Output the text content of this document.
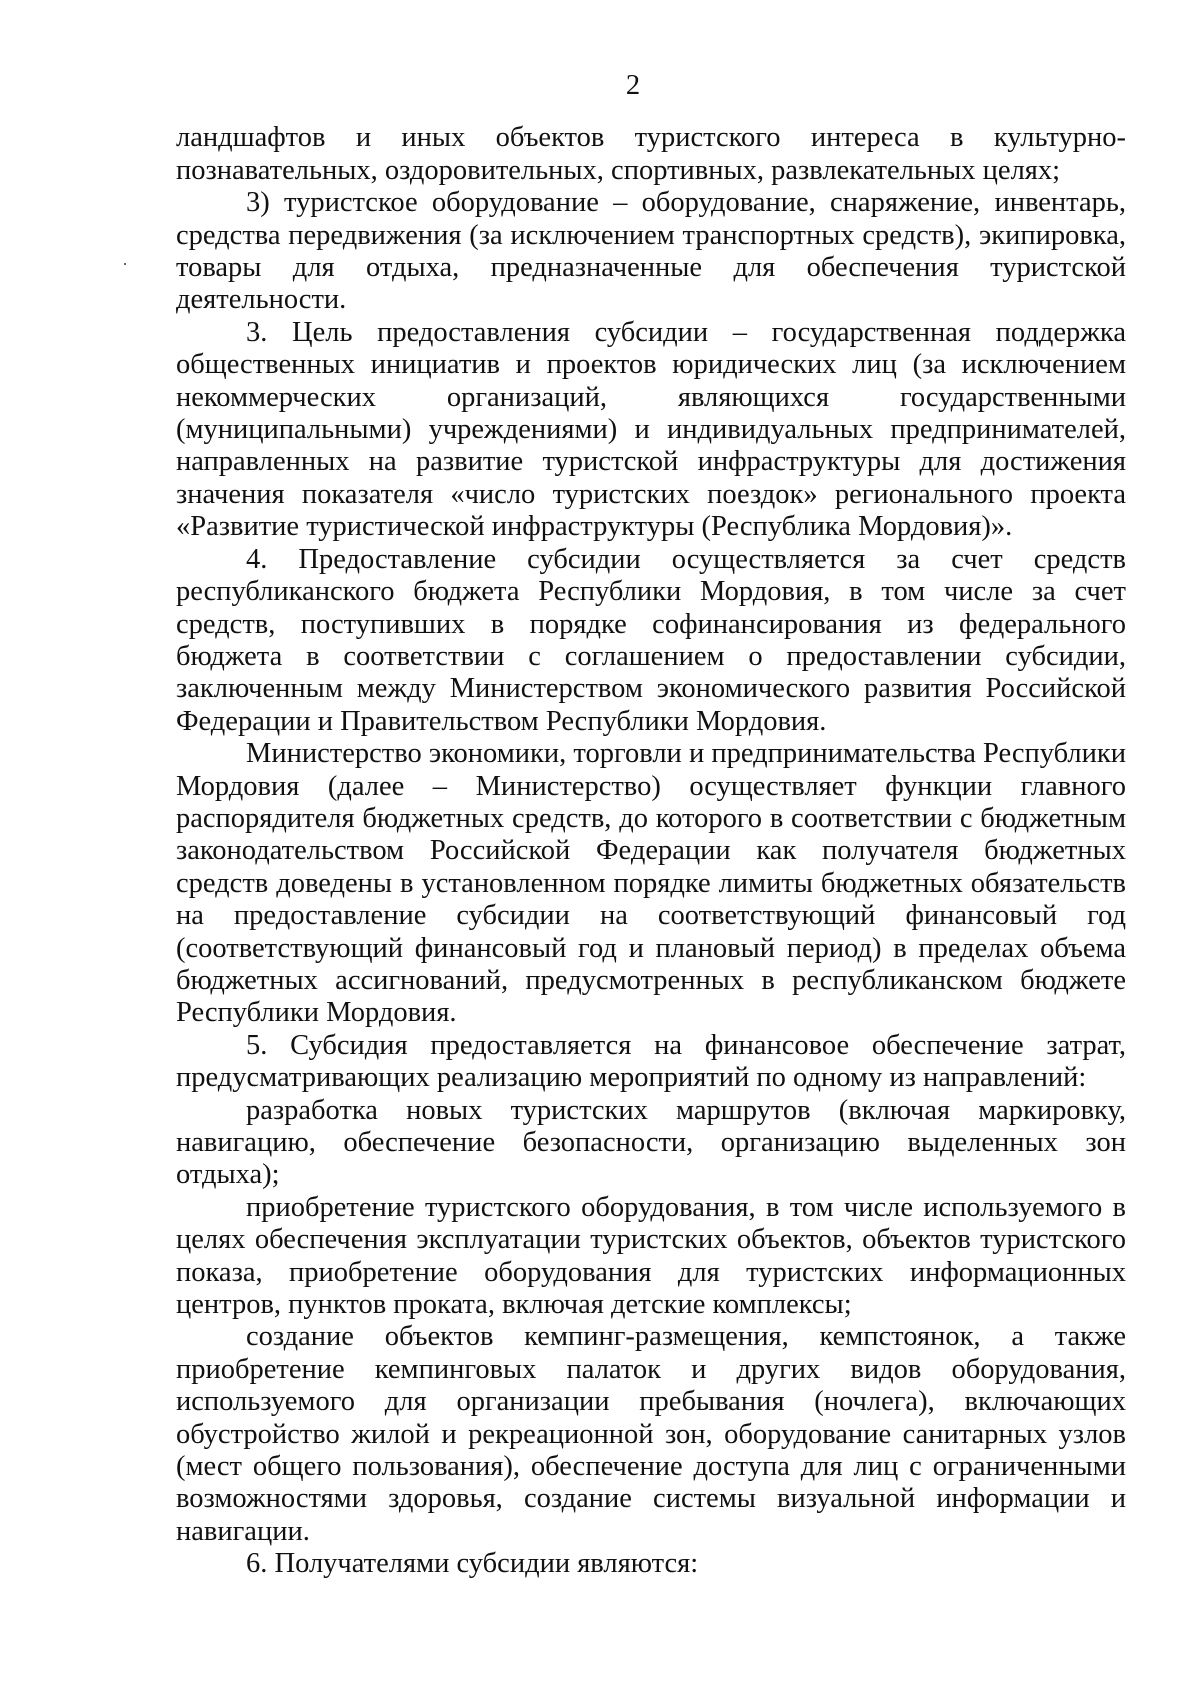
2

ландшафтов и иных объектов туристского интереса в культурно-познавательных, оздоровительных, спортивных, развлекательных целях;

3) туристское оборудование – оборудование, снаряжение, инвентарь, средства передвижения (за исключением транспортных средств), экипировка, товары для отдыха, предназначенные для обеспечения туристской деятельности.

3. Цель предоставления субсидии – государственная поддержка общественных инициатив и проектов юридических лиц (за исключением некоммерческих организаций, являющихся государственными (муниципальными) учреждениями) и индивидуальных предпринимателей, направленных на развитие туристской инфраструктуры для достижения значения показателя «число туристских поездок» регионального проекта «Развитие туристической инфраструктуры (Республика Мордовия)».

4. Предоставление субсидии осуществляется за счет средств республиканского бюджета Республики Мордовия, в том числе за счет средств, поступивших в порядке софинансирования из федерального бюджета в соответствии с соглашением о предоставлении субсидии, заключенным между Министерством экономического развития Российской Федерации и Правительством Республики Мордовия.

Министерство экономики, торговли и предпринимательства Республики Мордовия (далее – Министерство) осуществляет функции главного распорядителя бюджетных средств, до которого в соответствии с бюджетным законодательством Российской Федерации как получателя бюджетных средств доведены в установленном порядке лимиты бюджетных обязательств на предоставление субсидии на соответствующий финансовый год (соответствующий финансовый год и плановый период) в пределах объема бюджетных ассигнований, предусмотренных в республиканском бюджете Республики Мордовия.

5. Субсидия предоставляется на финансовое обеспечение затрат, предусматривающих реализацию мероприятий по одному из направлений:

разработка новых туристских маршрутов (включая маркировку, навигацию, обеспечение безопасности, организацию выделенных зон отдыха);

приобретение туристского оборудования, в том числе используемого в целях обеспечения эксплуатации туристских объектов, объектов туристского показа, приобретение оборудования для туристских информационных центров, пунктов проката, включая детские комплексы;

создание объектов кемпинг-размещения, кемпстоянок, а также приобретение кемпинговых палаток и других видов оборудования, используемого для организации пребывания (ночлега), включающих обустройство жилой и рекреационной зон, оборудование санитарных узлов (мест общего пользования), обеспечение доступа для лиц с ограниченными возможностями здоровья, создание системы визуальной информации и навигации.

6. Получателями субсидии являются:
